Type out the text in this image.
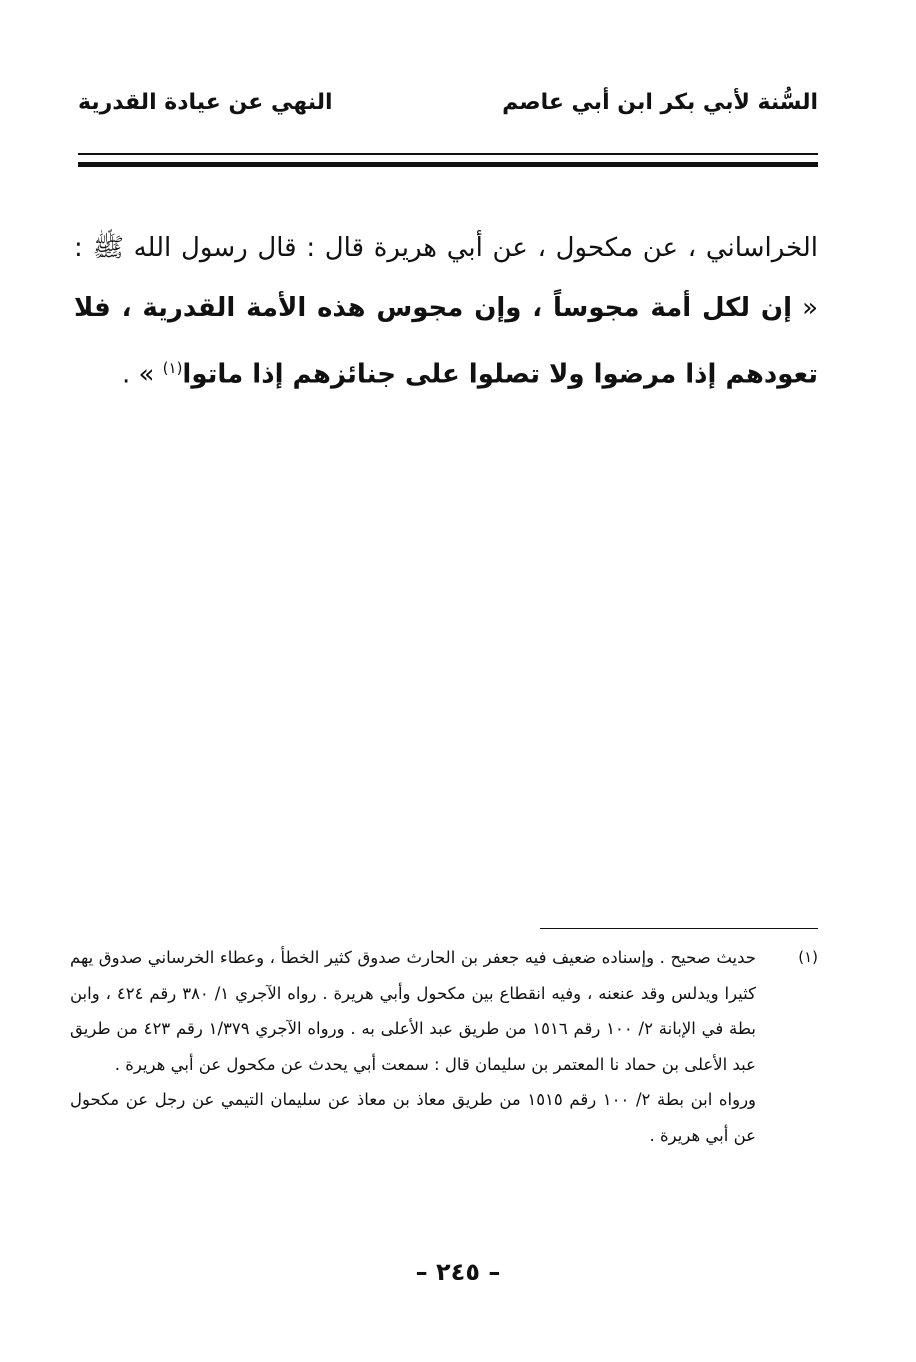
السُّنة لأبي بكر ابن أبي عاصم
النهي عن عيادة القدرية

الخراساني ، عن مكحول ، عن أبي هريرة قال : قال رسول الله ﷺ : « إن لكل أمة مجوساً ، وإن مجوس هذه الأمة القدرية ، فلا تعودهم إذا مرضوا ولا تصلوا على جنائزهم إذا ماتوا$^{(١)}$ » .

(١)

حديث صحيح . وإسناده ضعيف فيه جعفر بن الحارث صدوق كثير الخطأ ، وعطاء الخرساني صدوق يهم كثيرا ويدلس وقد عنعنه ، وفيه انقطاع بين مكحول وأبي هريرة . رواه الآجري ١/ ٣٨٠ رقم ٤٢٤ ، وابن بطة في الإبانة ٢/ ١٠٠ رقم ١٥١٦ من طريق عبد الأعلى به . ورواه الآجري ١/٣٧٩ رقم ٤٢٣ من طريق عبد الأعلى بن حماد نا المعتمر بن سليمان قال : سمعت أبي يحدث عن مكحول عن أبي هريرة .

ورواه ابن بطة ٢/ ١٠٠ رقم ١٥١٥ من طريق معاذ بن معاذ عن سليمان التيمي عن رجل عن مكحول عن أبي هريرة .

– ٢٤٥ –
